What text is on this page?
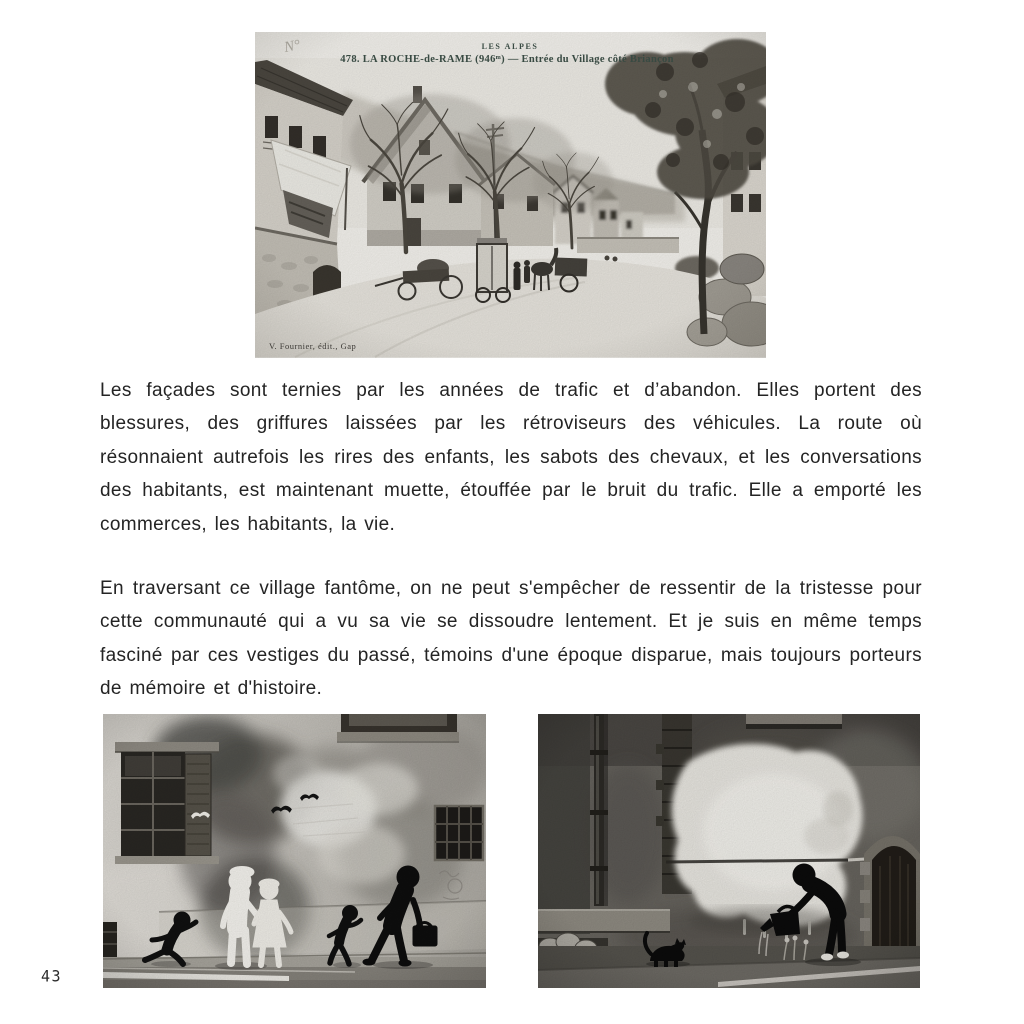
Les façades sont ternies par les années de trafic et d’abandon. Elles portent des blessures, des griffures laissées par les rétroviseurs des véhicules. La route où résonnaient autrefois les rires des enfants, les sabots des chevaux, et les conversations des habitants, est maintenant muette, étouffée par le bruit du trafic. Elle a emporté les commerces, les habitants, la vie.

En traversant ce village fantôme, on ne peut s'empêcher de ressentir de la tristesse pour cette communauté qui a vu sa vie se dissoudre lentement. Et je suis en même temps fasciné par ces vestiges du passé, témoins d'une époque disparue, mais toujours porteurs de mémoire et d'histoire.

43
